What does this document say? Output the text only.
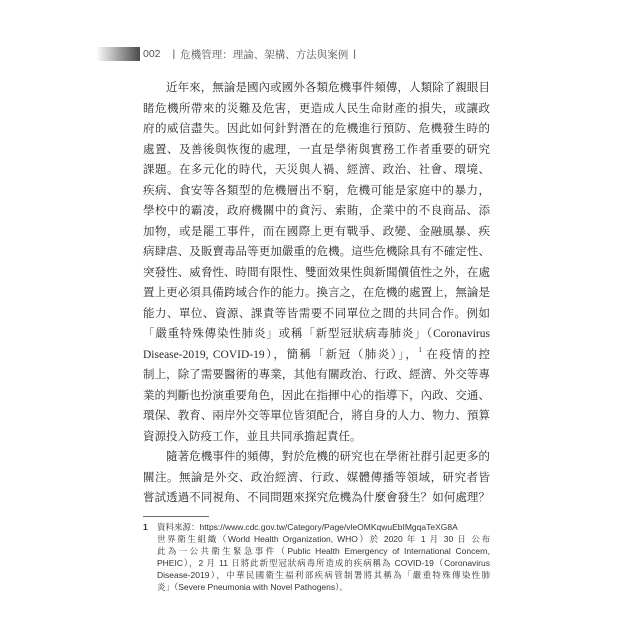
002 | 危機管理：理論、架構、方法與案例 |
近年來，無論是國內或國外各類危機事件頻傳，人類除了親眼目
睹危機所帶來的災難及危害，更造成人民生命財產的損失，或讓政
府的威信盡失。因此如何針對潛在的危機進行預防、危機發生時的
處置、及善後與恢復的處理，一直是學術與實務工作者重要的研究
課題。在多元化的時代，天災與人禍、經濟、政治、社會、環境、
疾病、食安等各類型的危機層出不窮，危機可能是家庭中的暴力，
學校中的霸凌，政府機關中的貪污、索賄，企業中的不良商品、添
加物，或是罷工事件，而在國際上更有戰爭、政變、金融風暴、疾
病肆虐、及販賣毒品等更加嚴重的危機。這些危機除具有不確定性、
突發性、威脅性、時間有限性、雙面效果性與新聞價值性之外，在處
置上更必須具備跨域合作的能力。換言之，在危機的處置上，無論是
能力、單位、資源、課責等皆需要不同單位之間的共同合作。例如
「嚴重特殊傳染性肺炎」或稱「新型冠狀病毒肺炎」（Coronavirus
Disease-2019, COVID-19），簡稱「新冠（肺炎）」，$^1$ 在疫情的控
制上，除了需要醫術的專業，其他有關政治、行政、經濟、外交等專
業的判斷也扮演重要角色，因此在指揮中心的指導下，內政、交通、
環保、教育、兩岸外交等單位皆須配合，將自身的人力、物力、預算
資源投入防疫工作，並且共同承擔起責任。
隨著危機事件的頻傳，對於危機的研究也在學術社群引起更多的
關注。無論是外交、政治經濟、行政、媒體傳播等領域，研究者皆
嘗試透過不同視角、不同問題來探究危機為什麼會發生？如何處理？
1 資料來源：https://www.cdc.gov.tw/Category/Page/vleOMKqwuEbIMgqaTeXG8A
世界衛生組織（World Health Organization, WHO）於 2020 年 1 月 30 日 公布
此為一公共衛生緊急事件（Public Health Emergency of International Concern,
PHEIC），2 月 11 日將此新型冠狀病毒所造成的疾病稱為 COVID-19（Coronavirus
Disease-2019），中華民國衛生福利部疾病管制署將其稱為「嚴重特殊傳染性肺
炎」（Severe Pneumonia with Novel Pathogens）。
